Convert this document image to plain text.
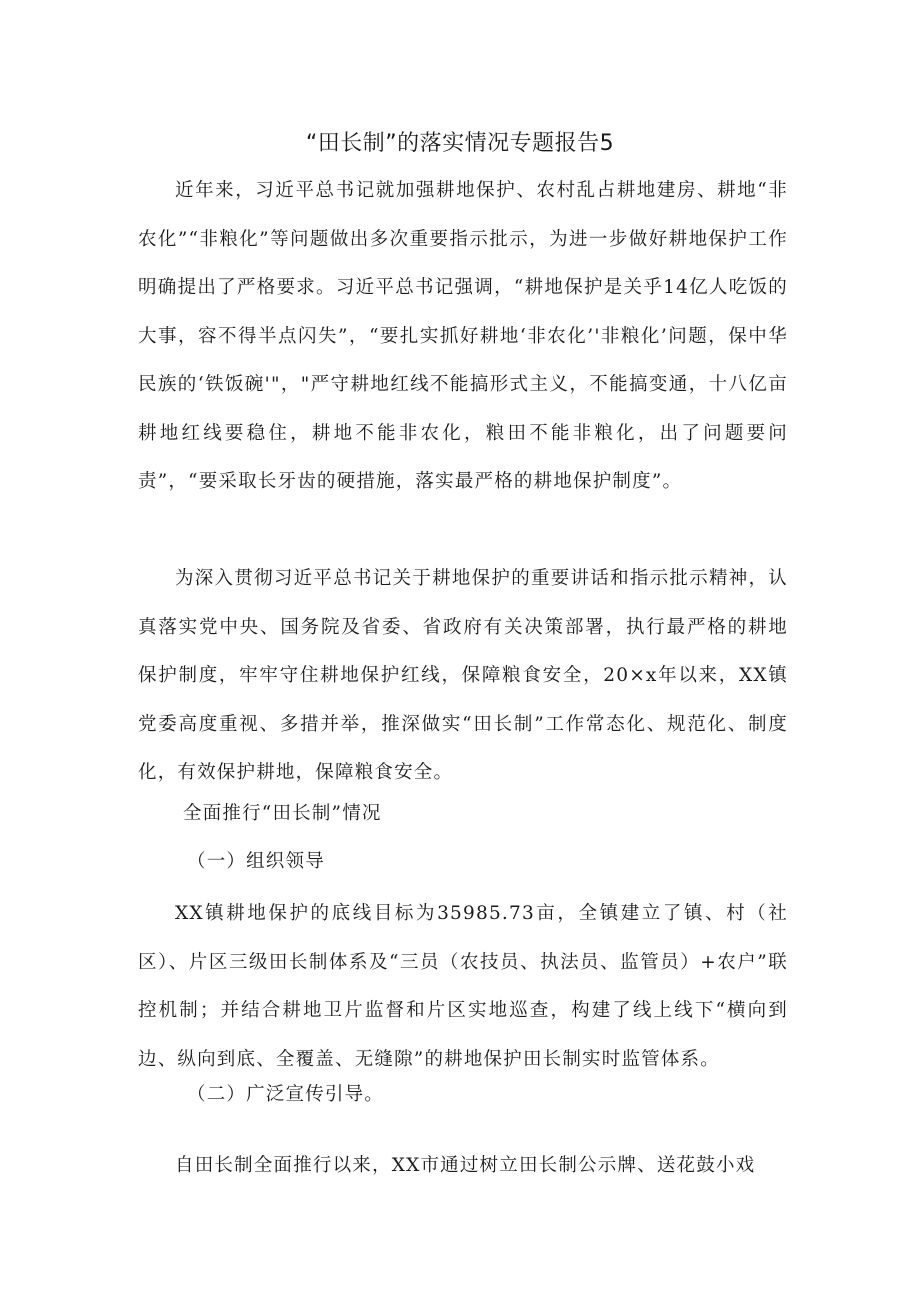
“田长制”的落实情况专题报告5

近年来，习近平总书记就加强耕地保护、农村乱占耕地建房、耕地“非农化”“非粮化”等问题做出多次重要指示批示，为进一步做好耕地保护工作明确提出了严格要求。习近平总书记强调，“耕地保护是关乎14亿人吃饭的大事，容不得半点闪失”，“要扎实抓好耕地‘非农化’'非粮化’问题，保中华民族的‘铁饭碗'"，"严守耕地红线不能搞形式主义，不能搞变通，十八亿亩耕地红线要稳住，耕地不能非农化，粮田不能非粮化，出了问题要问责”，“要采取长牙齿的硬措施，落实最严格的耕地保护制度”。

为深入贯彻习近平总书记关于耕地保护的重要讲话和指示批示精神，认真落实党中央、国务院及省委、省政府有关决策部署，执行最严格的耕地保护制度，牢牢守住耕地保护红线，保障粮食安全，20×x年以来，XX镇党委高度重视、多措并举，推深做实“田长制”工作常态化、规范化、制度化，有效保护耕地，保障粮食安全。

全面推行“田长制”情况
（一）组织领导

XX镇耕地保护的底线目标为35985.73亩，全镇建立了镇、村（社区）、片区三级田长制体系及“三员（农技员、执法员、监管员）+农户”联控机制；并结合耕地卫片监督和片区实地巡查，构建了线上线下“横向到边、纵向到底、全覆盖、无缝隙”的耕地保护田长制实时监管体系。

（二）广泛宣传引导。

自田长制全面推行以来，XX市通过树立田长制公示牌、送花鼓小戏
